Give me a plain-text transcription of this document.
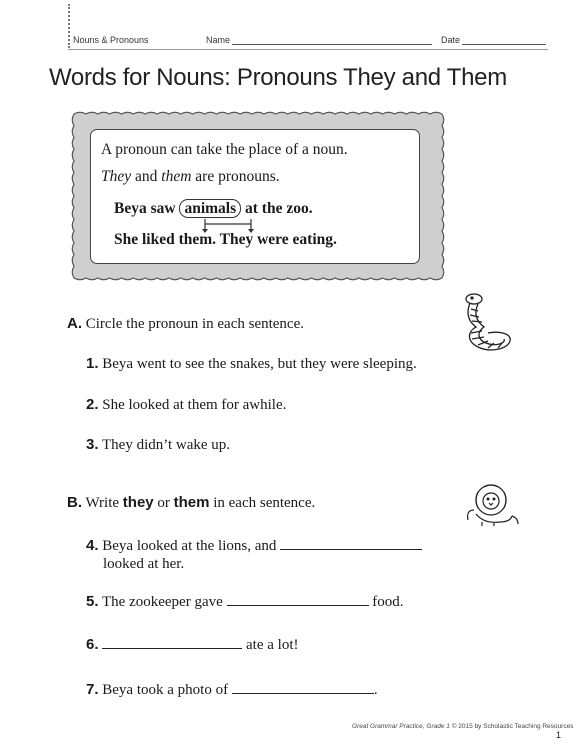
Nouns & Pronouns	Name	Date
Words for Nouns: Pronouns They and Them
A pronoun can take the place of a noun.
They and them are pronouns.
Beya saw animals at the zoo.
She liked them. They were eating.
A. Circle the pronoun in each sentence.
1. Beya went to see the snakes, but they were sleeping.
2. She looked at them for awhile.
3. They didn’t wake up.
B. Write they or them in each sentence.
4. Beya looked at the lions, and
looked at her.
5. The zookeeper gave	food.
6.	ate a lot!
7. Beya took a photo of	.
Great Grammar Practice, Grade 1 © 2015 by Scholastic Teaching Resources
1
